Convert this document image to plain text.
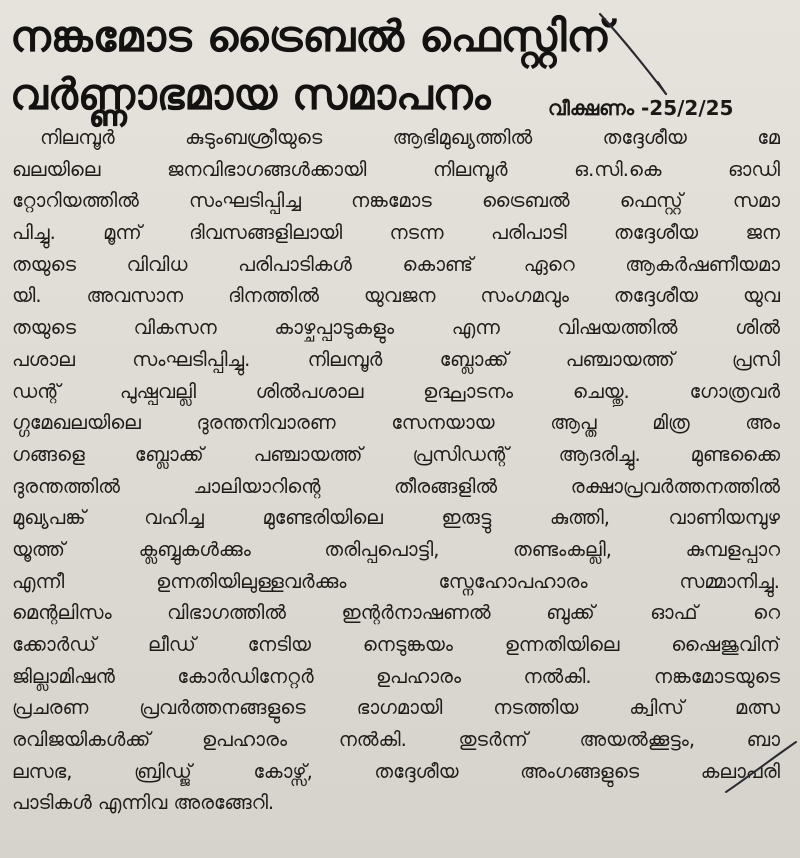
നങ്കമോട ട്രൈബൽ ഫെസ്റ്റിന്
വർണ്ണാഭമായ സമാപനം	വീക്ഷണം -25/2/25
നിലമ്പൂർ കുടുംബശ്രീയുടെ ആഭിമുഖ്യത്തിൽ തദ്ദേശീയ മേ
ഖലയിലെ ജനവിഭാഗങ്ങൾക്കായി നിലമ്പൂർ ഒ.സി.കെ ഓഡി
റ്റോറിയത്തിൽ സംഘടിപ്പിച്ച നങ്കമോട ട്രൈബൽ ഫെസ്റ്റ് സമാ
പിച്ചു. മൂന്ന് ദിവസങ്ങളിലായി നടന്ന പരിപാടി തദ്ദേശീയ ജന
തയുടെ വിവിധ പരിപാടികൾ കൊണ്ട് ഏറെ ആകർഷണീയമാ
യി. അവസാന ദിനത്തിൽ യുവജന സംഗമവും തദ്ദേശീയ യുവ
തയുടെ വികസന കാഴ്ചപ്പാടുകളും എന്ന വിഷയത്തിൽ ശിൽ
പശാല സംഘടിപ്പിച്ചു. നിലമ്പൂർ ബ്ലോക്ക് പഞ്ചായത്ത് പ്രസി
ഡന്റ് പുഷ്പവല്ലി ശിൽപശാല ഉദ്ഘാടനം ചെയ്തു. ഗോത്രവർ
ഗ്ഗമേഖലയിലെ ദുരന്തനിവാരണ സേനയായ ആപ്ത മിത്ര അം
ഗങ്ങളെ ബ്ലോക്ക് പഞ്ചായത്ത് പ്രസിഡന്റ് ആദരിച്ചു. മുണ്ടക്കൈ
ദുരന്തത്തിൽ ചാലിയാറിന്റെ തീരങ്ങളിൽ രക്ഷാപ്രവർത്തനത്തിൽ
മുഖ്യപങ്ക് വഹിച്ച മുണ്ടേരിയിലെ ഇരുട്ടു കുത്തി, വാണിയമ്പുഴ
യൂത്ത് ക്ലബ്ബുകൾക്കും തരിപ്പപൊട്ടി, തണ്ടംകല്ലി, കുമ്പളപ്പാറ
എന്നീ ഉന്നതിയിലുള്ളവർക്കും സ്നേഹോപഹാരം സമ്മാനിച്ചു.
മെന്റലിസം വിഭാഗത്തിൽ ഇന്റർനാഷണൽ ബുക്ക് ഓഫ് റെ
ക്കോർഡ് ലീഡ് നേടിയ നെടുങ്കയം ഉന്നതിയിലെ ഷൈജുവിന്
ജില്ലാമിഷൻ കോർഡിനേറ്റർ ഉപഹാരം നൽകി. നങ്കമോടയുടെ
പ്രചരണ പ്രവർത്തനങ്ങളുടെ ഭാഗമായി നടത്തിയ ക്വിസ് മത്സ
രവിജയികൾക്ക് ഉപഹാരം നൽകി. തുടർന്ന് അയൽക്കൂട്ടം, ബാ
ലസഭ, ബ്രിഡ്ജ് കോഴ്സ്, തദ്ദേശീയ അംഗങ്ങളുടെ കലാപരി
പാടികൾ എന്നിവ അരങ്ങേറി.
